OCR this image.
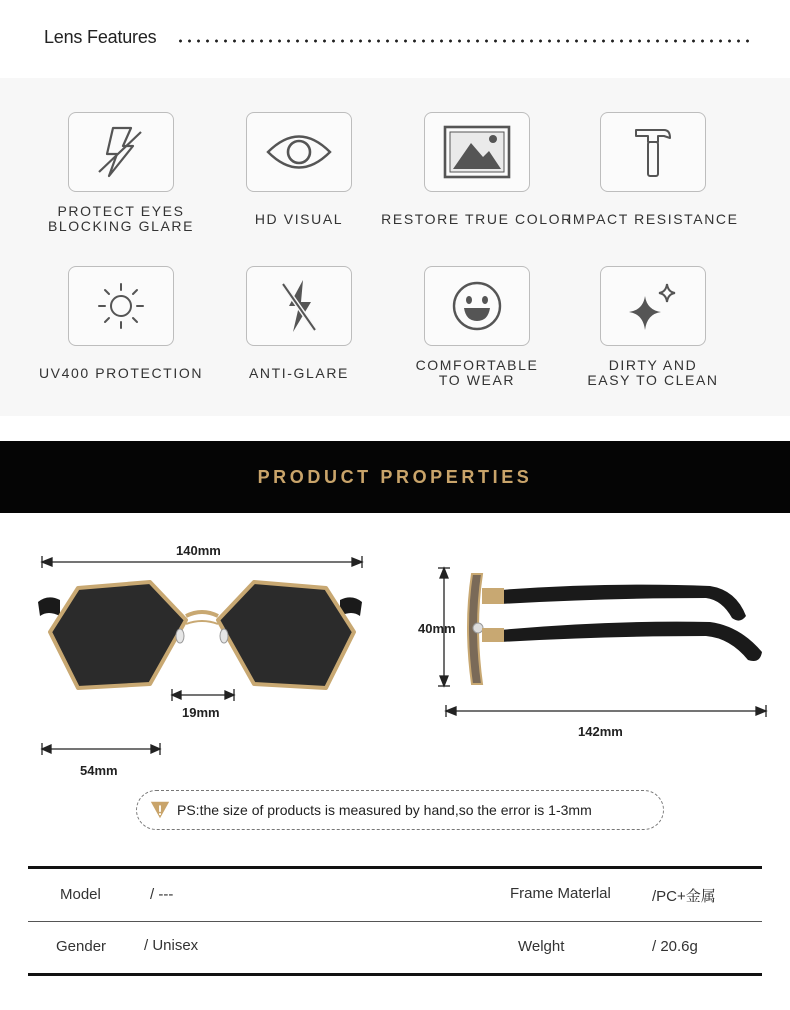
Lens Features
PROTECT EYES
BLOCKING GLARE	HD VISUAL	RESTORE TRUE COLOR
IMPACT RESISTANCE
UV400 PROTECTION	ANTI-GLARE	COMFORTABLE
TO WEAR
DIRTY AND
EASY TO CLEAN
PRODUCT PROPERTIES
140mm
19mm
54mm
40mm
142mm
PS:the size of products is measured by hand,so the error is 1-3mm
Model	/ ---	Frame Materlal	/PC+金属
Gender	/ Unisex	Welght	/ 20.6g
